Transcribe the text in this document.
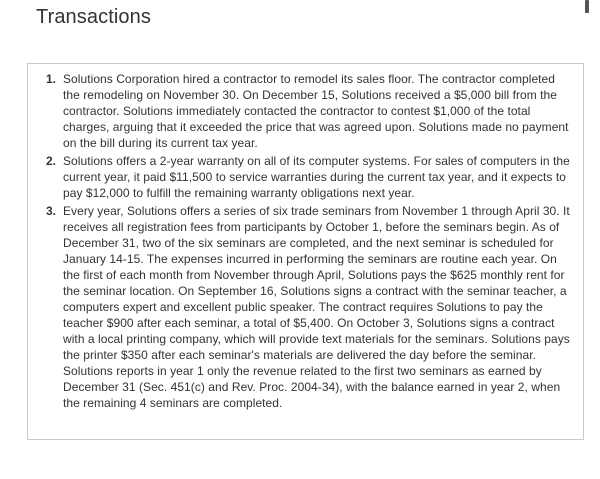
Transactions
1. Solutions Corporation hired a contractor to remodel its sales floor. The contractor completed the remodeling on November 30. On December 15, Solutions received a $5,000 bill from the contractor. Solutions immediately contacted the contractor to contest $1,000 of the total charges, arguing that it exceeded the price that was agreed upon. Solutions made no payment on the bill during its current tax year.
2. Solutions offers a 2-year warranty on all of its computer systems. For sales of computers in the current year, it paid $11,500 to service warranties during the current tax year, and it expects to pay $12,000 to fulfill the remaining warranty obligations next year.
3. Every year, Solutions offers a series of six trade seminars from November 1 through April 30. It receives all registration fees from participants by October 1, before the seminars begin. As of December 31, two of the six seminars are completed, and the next seminar is scheduled for January 14-15. The expenses incurred in performing the seminars are routine each year. On the first of each month from November through April, Solutions pays the $625 monthly rent for the seminar location. On September 16, Solutions signs a contract with the seminar teacher, a computers expert and excellent public speaker. The contract requires Solutions to pay the teacher $900 after each seminar, a total of $5,400. On October 3, Solutions signs a contract with a local printing company, which will provide text materials for the seminars. Solutions pays the printer $350 after each seminar's materials are delivered the day before the seminar. Solutions reports in year 1 only the revenue related to the first two seminars as earned by December 31 (Sec. 451(c) and Rev. Proc. 2004-34), with the balance earned in year 2, when the remaining 4 seminars are completed.
